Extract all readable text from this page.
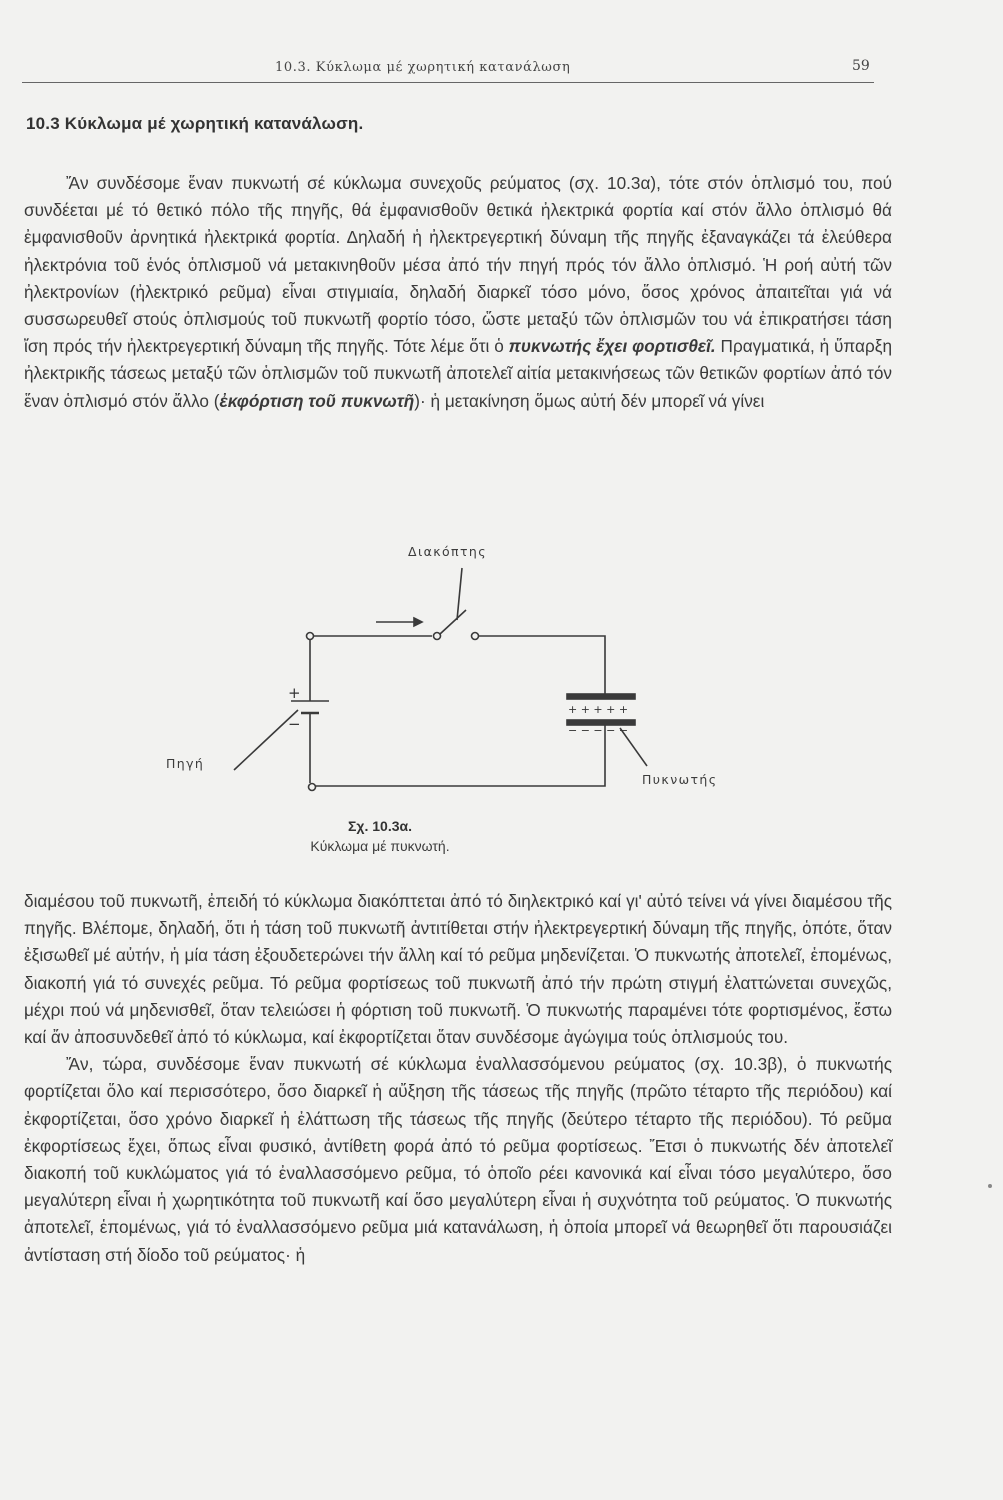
10.3. Κύκλωμα μέ χωρητική κατανάλωση	59
10.3 Κύκλωμα μέ χωρητική κατανάλωση.

Ἄν συνδέσομε ἕναν πυκνωτή σέ κύκλωμα συνεχοῦς ρεύματος (σχ. 10.3α), τότε στόν ὁπλισμό του, πού συνδέεται μέ τό θετικό πόλο τῆς πηγῆς, θά ἐμφανισθοῦν θετικά ἠλεκτρικά φορτία καί στόν ἄλλο ὁπλισμό θά ἐμφανισθοῦν ἀρνητικά ἠλεκτρικά φορτία. Δηλαδή ἡ ἠλεκτρεγερτική δύναμη τῆς πηγῆς ἐξαναγκάζει τά ἐλεύθερα ἠλεκτρόνια τοῦ ἑνός ὁπλισμοῦ νά μετακινηθοῦν μέσα ἀπό τήν πηγή πρός τόν ἄλλο ὁπλισμό. Ἡ ροή αὐτή τῶν ἠλεκτρονίων (ἠλεκτρικό ρεῦμα) εἶναι στιγμιαία, δηλαδή διαρκεῖ τόσο μόνο, ὅσος χρόνος ἀπαιτεῖται γιά νά συσσωρευθεῖ στούς ὁπλισμούς τοῦ πυκνωτῆ φορτίο τόσο, ὥστε μεταξύ τῶν ὁπλισμῶν του νά ἐπικρατήσει τάση ἴση πρός τήν ἠλεκτρεγερτική δύναμη τῆς πηγῆς. Τότε λέμε ὅτι ὁ πυκνωτής ἔχει φορτισθεῖ. Πραγματικά, ἡ ὕπαρξη ἠλεκτρικῆς τάσεως μεταξύ τῶν ὁπλισμῶν τοῦ πυκνωτῆ ἀποτελεῖ αἰτία μετακινήσεως τῶν θετικῶν φορτίων ἀπό τόν ἕναν ὁπλισμό στόν ἄλλο (ἐκφόρτιση τοῦ πυκνωτῆ)· ἡ μετακίνηση ὅμως αὐτή δέν μπορεῖ νά γίνει

+
−
+ + + + +
− − − − −
Διακόπτης
Πηγή
Πυκνωτής
Σχ. 10.3α.
Κύκλωμα μέ πυκνωτή.

διαμέσου τοῦ πυκνωτῆ, ἐπειδή τό κύκλωμα διακόπτεται ἀπό τό διηλεκτρικό καί γι' αὐτό τείνει νά γίνει διαμέσου τῆς πηγῆς. Βλέπομε, δηλαδή, ὅτι ἡ τάση τοῦ πυκνωτῆ ἀντιτίθεται στήν ἠλεκτρεγερτική δύναμη τῆς πηγῆς, ὁπότε, ὅταν ἐξισωθεῖ μέ αὐτήν, ἡ μία τάση ἐξουδετερώνει τήν ἄλλη καί τό ρεῦμα μηδενίζεται. Ὁ πυκνωτής ἀποτελεῖ, ἑπομένως, διακοπή γιά τό συνεχές ρεῦμα. Τό ρεῦμα φορτίσεως τοῦ πυκνωτῆ ἀπό τήν πρώτη στιγμή ἐλαττώνεται συνεχῶς, μέχρι πού νά μηδενισθεῖ, ὅταν τελειώσει ἡ φόρτιση τοῦ πυκνωτῆ. Ὁ πυκνωτής παραμένει τότε φορτισμένος, ἔστω καί ἄν ἀποσυνδεθεῖ ἀπό τό κύκλωμα, καί ἐκφορτίζεται ὅταν συνδέσομε ἀγώγιμα τούς ὁπλισμούς του.

Ἄν, τώρα, συνδέσομε ἕναν πυκνωτή σέ κύκλωμα ἐναλλασσόμενου ρεύματος (σχ. 10.3β), ὁ πυκνωτής φορτίζεται ὅλο καί περισσότερο, ὅσο διαρκεῖ ἡ αὔξηση τῆς τάσεως τῆς πηγῆς (πρῶτο τέταρτο τῆς περιόδου) καί ἐκφορτίζεται, ὅσο χρόνο διαρκεῖ ἡ ἐλάττωση τῆς τάσεως τῆς πηγῆς (δεύτερο τέταρτο τῆς περιόδου). Τό ρεῦμα ἐκφορτίσεως ἔχει, ὅπως εἶναι φυσικό, ἀντίθετη φορά ἀπό τό ρεῦμα φορτίσεως. Ἔτσι ὁ πυκνωτής δέν ἀποτελεῖ διακοπή τοῦ κυκλώματος γιά τό ἐναλλασσόμενο ρεῦμα, τό ὁποῖο ρέει κανονικά καί εἶναι τόσο μεγαλύτερο, ὅσο μεγαλύτερη εἶναι ἡ χωρητικότητα τοῦ πυκνωτῆ καί ὅσο μεγαλύτερη εἶναι ἡ συχνότητα τοῦ ρεύματος. Ὁ πυκνωτής ἀποτελεῖ, ἑπομένως, γιά τό ἐναλλασσόμενο ρεῦμα μιά κατανάλωση, ἡ ὁποία μπορεῖ νά θεωρηθεῖ ὅτι παρουσιάζει ἀντίσταση στή δίοδο τοῦ ρεύματος· ἡ
